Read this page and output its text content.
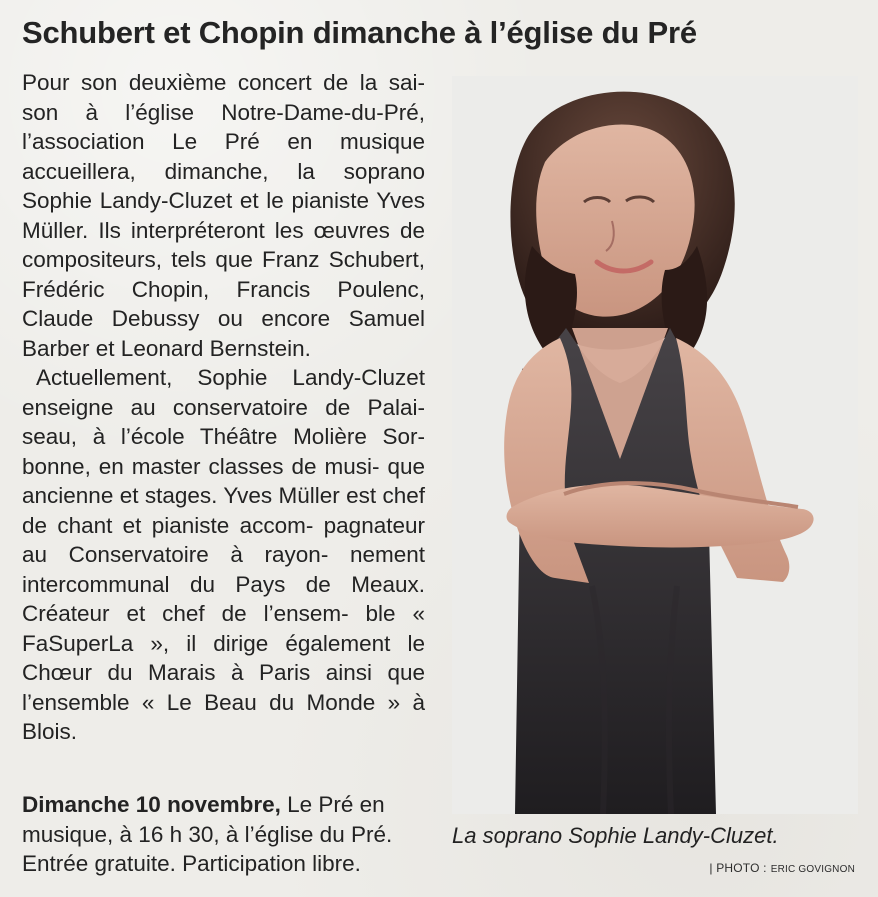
Schubert et Chopin dimanche à l’église du Pré

Pour son deuxième concert de la sai- son à l’église Notre-Dame-du-Pré, l’association Le Pré en musique accueillera, dimanche, la soprano Sophie Landy-Cluzet et le pianiste Yves Müller. Ils interpréteront les œuvres de compositeurs, tels que Franz Schubert, Frédéric Chopin, Francis Poulenc, Claude Debussy ou encore Samuel Barber et Leonard Bernstein.

Actuellement, Sophie Landy-Cluzet enseigne au conservatoire de Palai- seau, à l’école Théâtre Molière Sor- bonne, en master classes de musi- que ancienne et stages. Yves Müller est chef de chant et pianiste accom- pagnateur au Conservatoire à rayon- nement intercommunal du Pays de Meaux. Créateur et chef de l’ensem- ble « FaSuperLa », il dirige également le Chœur du Marais à Paris ainsi que l’ensemble « Le Beau du Monde » à Blois.

Dimanche 10 novembre, Le Pré en musique, à 16 h 30, à l’église du Pré. Entrée gratuite. Participation libre.
La soprano Sophie Landy-Cluzet.
| PHOTO : ERIC GOVIGNON
